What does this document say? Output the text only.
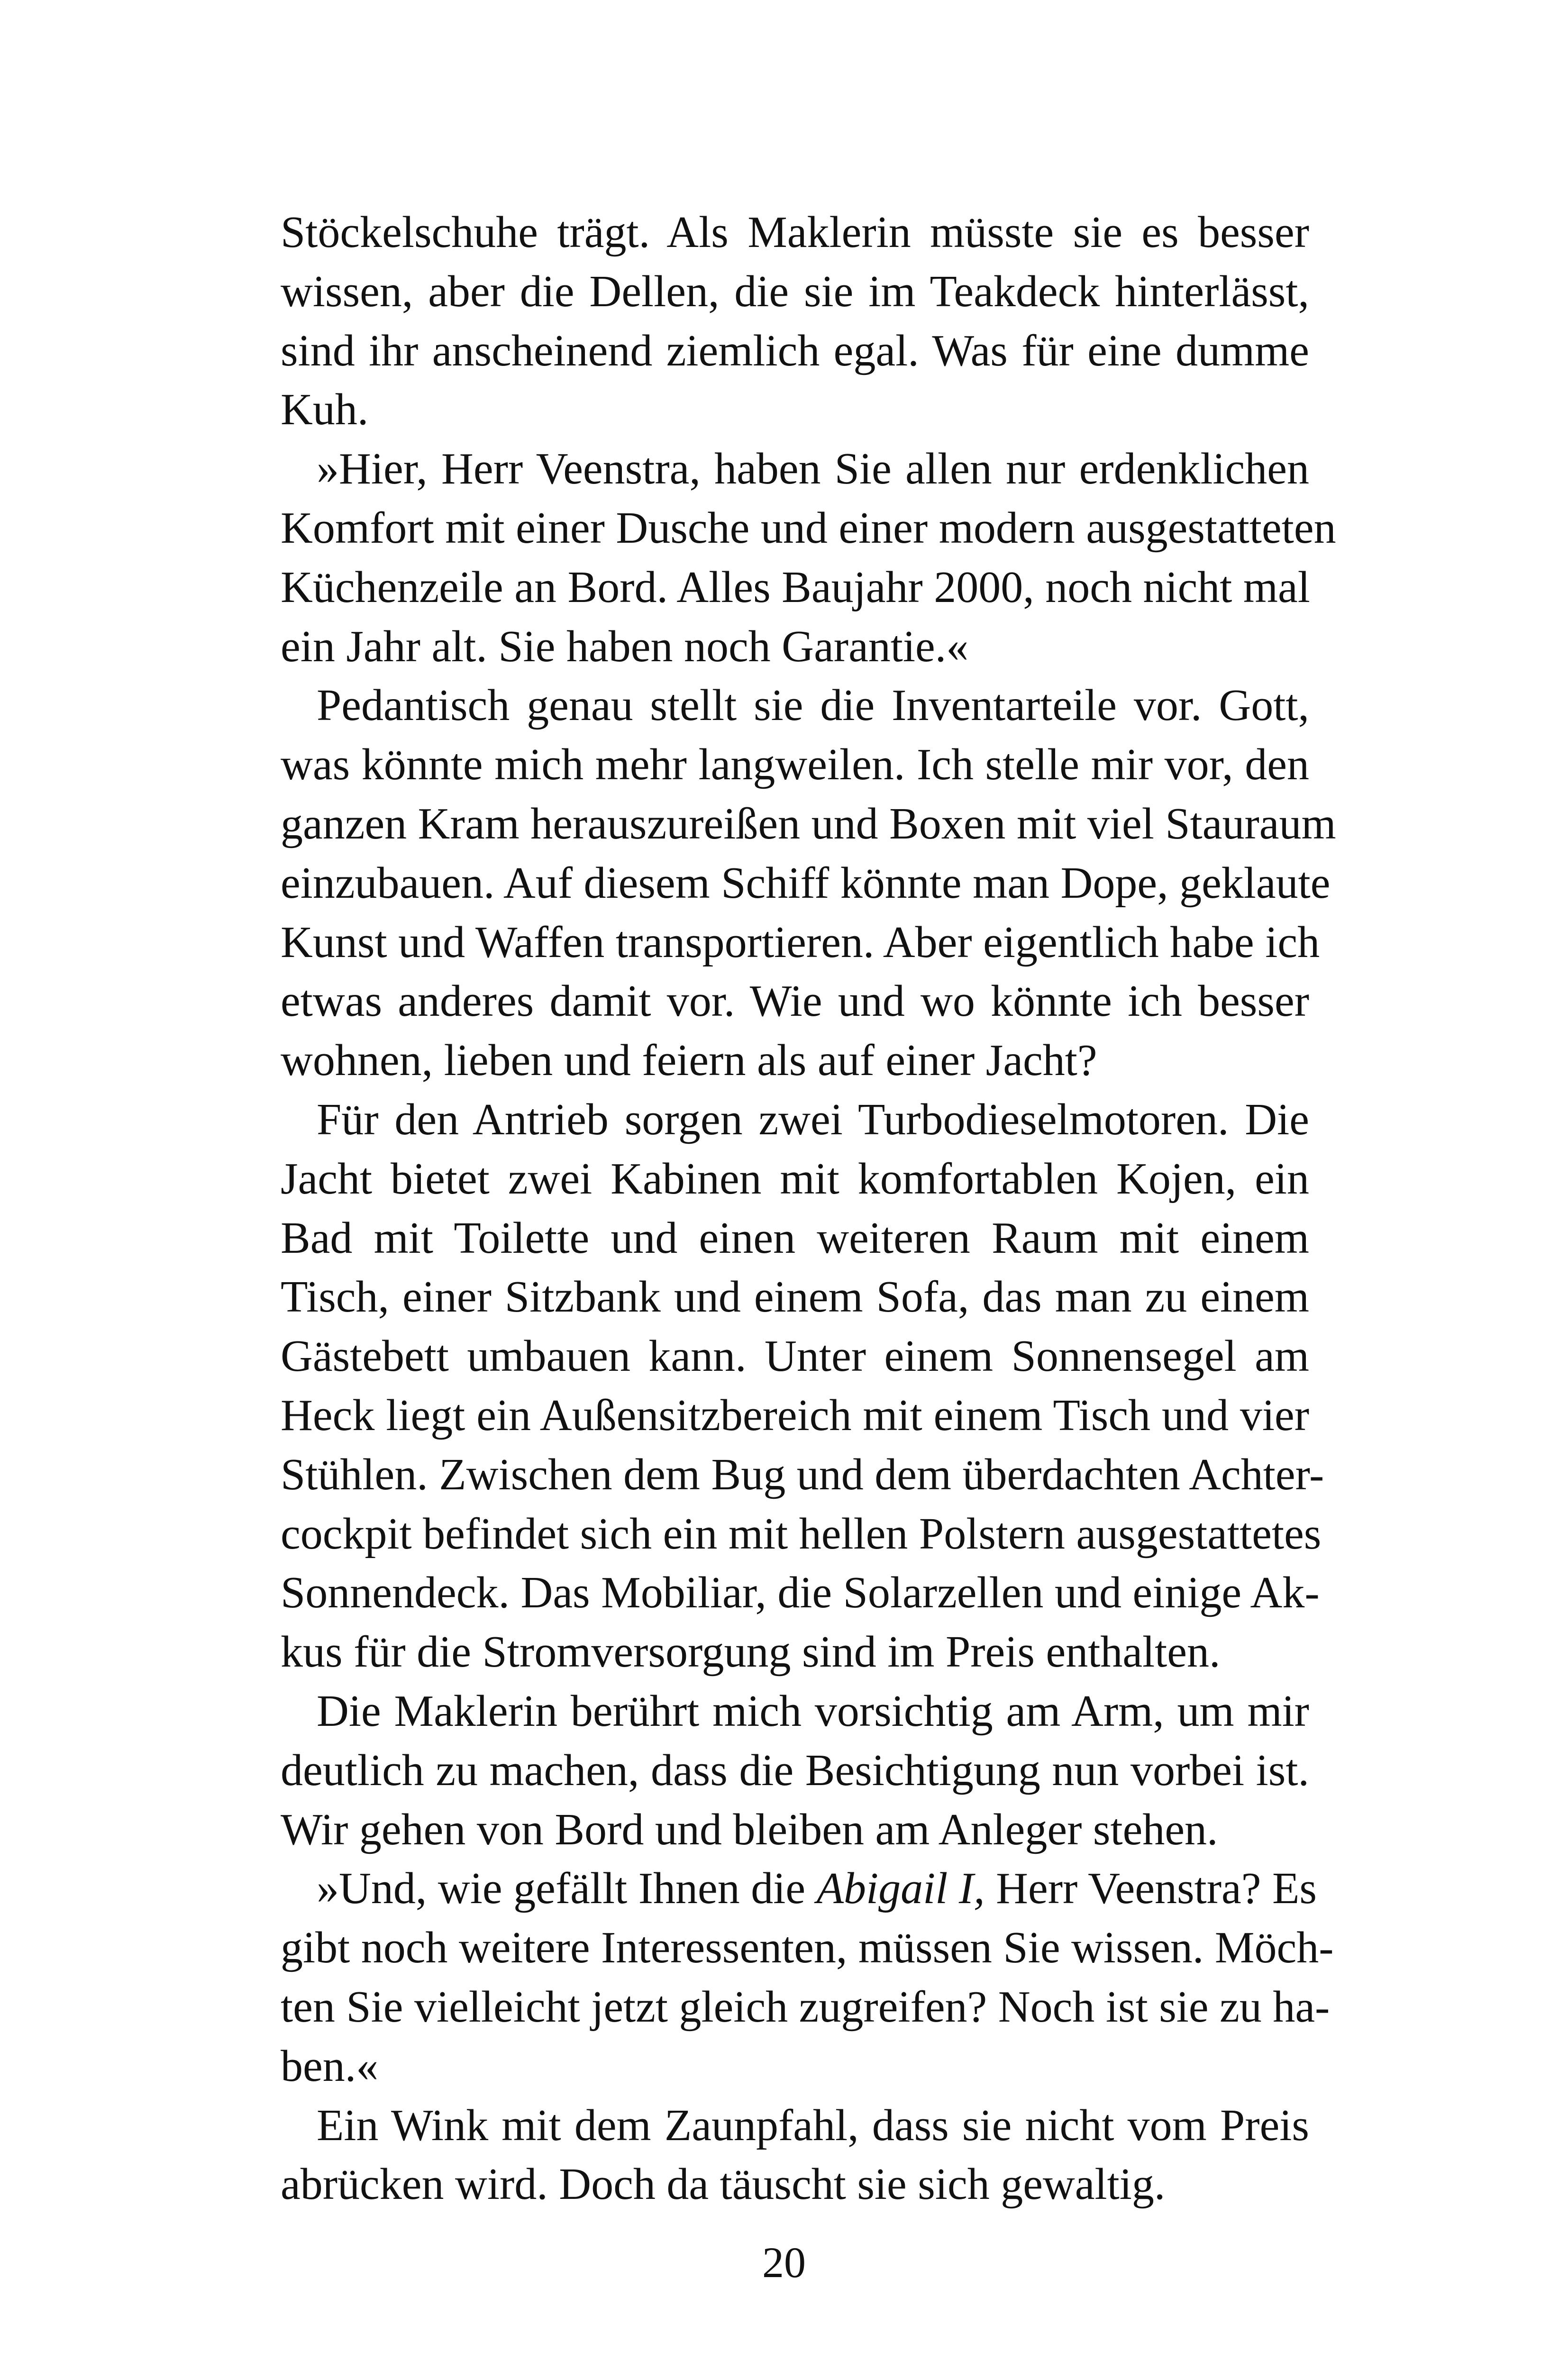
Stöckelschuhe trägt. Als Maklerin müsste sie es besser
wissen, aber die Dellen, die sie im Teakdeck hinterlässt,
sind ihr anscheinend ziemlich egal. Was für eine dumme
Kuh.
»Hier, Herr Veenstra, haben Sie allen nur erdenklichen
Komfort mit einer Dusche und einer modern ausgestatteten
Küchenzeile an Bord. Alles Baujahr 2000, noch nicht mal
ein Jahr alt. Sie haben noch Garantie.«
Pedantisch genau stellt sie die Inventarteile vor. Gott,
was könnte mich mehr langweilen. Ich stelle mir vor, den
ganzen Kram herauszureißen und Boxen mit viel Stauraum
einzubauen. Auf diesem Schiff könnte man Dope, geklaute
Kunst und Waffen transportieren. Aber eigentlich habe ich
etwas anderes damit vor. Wie und wo könnte ich besser
wohnen, lieben und feiern als auf einer Jacht?
Für den Antrieb sorgen zwei Turbodieselmotoren. Die
Jacht bietet zwei Kabinen mit komfortablen Kojen, ein
Bad mit Toilette und einen weiteren Raum mit einem
Tisch, einer Sitzbank und einem Sofa, das man zu einem
Gästebett umbauen kann. Unter einem Sonnensegel am
Heck liegt ein Außensitzbereich mit einem Tisch und vier
Stühlen. Zwischen dem Bug und dem überdachten Achter-
cockpit befindet sich ein mit hellen Polstern ausgestattetes
Sonnendeck. Das Mobiliar, die Solarzellen und einige Ak-
kus für die Stromversorgung sind im Preis enthalten.
Die Maklerin berührt mich vorsichtig am Arm, um mir
deutlich zu machen, dass die Besichtigung nun vorbei ist.
Wir gehen von Bord und bleiben am Anleger stehen.
»Und, wie gefällt Ihnen die Abigail I, Herr Veenstra? Es
gibt noch weitere Interessenten, müssen Sie wissen. Möch-
ten Sie vielleicht jetzt gleich zugreifen? Noch ist sie zu ha-
ben.«
Ein Wink mit dem Zaunpfahl, dass sie nicht vom Preis
abrücken wird. Doch da täuscht sie sich gewaltig.
20
